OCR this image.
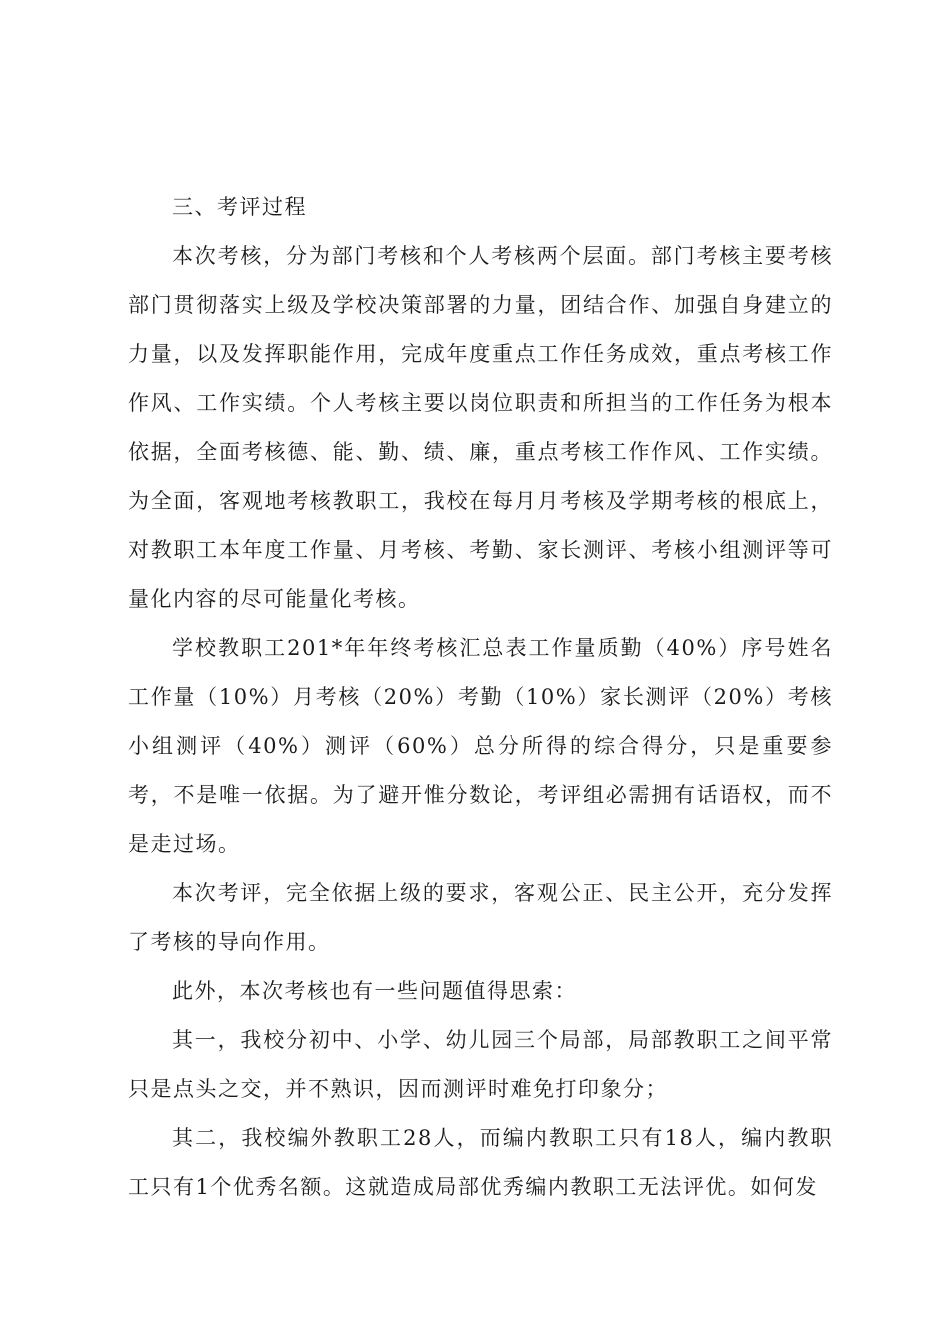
三、考评过程

本次考核，分为部门考核和个人考核两个层面。部门考核主要考核部门贯彻落实上级及学校决策部署的力量，团结合作、加强自身建立的力量，以及发挥职能作用，完成年度重点工作任务成效，重点考核工作作风、工作实绩。个人考核主要以岗位职责和所担当的工作任务为根本依据，全面考核德、能、勤、绩、廉，重点考核工作作风、工作实绩。为全面，客观地考核教职工，我校在每月月考核及学期考核的根底上，对教职工本年度工作量、月考核、考勤、家长测评、考核小组测评等可量化内容的尽可能量化考核。

学校教职工201*年年终考核汇总表工作量质勤（40%）序号姓名工作量（10%）月考核（20%）考勤（10%）家长测评（20%）考核小组测评（40%）测评（60%）总分所得的综合得分，只是重要参考，不是唯一依据。为了避开惟分数论，考评组必需拥有话语权，而不是走过场。

本次考评，完全依据上级的要求，客观公正、民主公开，充分发挥了考核的导向作用。

此外，本次考核也有一些问题值得思索：

其一，我校分初中、小学、幼儿园三个局部，局部教职工之间平常只是点头之交，并不熟识，因而测评时难免打印象分；

其二，我校编外教职工28人，而编内教职工只有18人，编内教职工只有1个优秀名额。这就造成局部优秀编内教职工无法评优。如何发
